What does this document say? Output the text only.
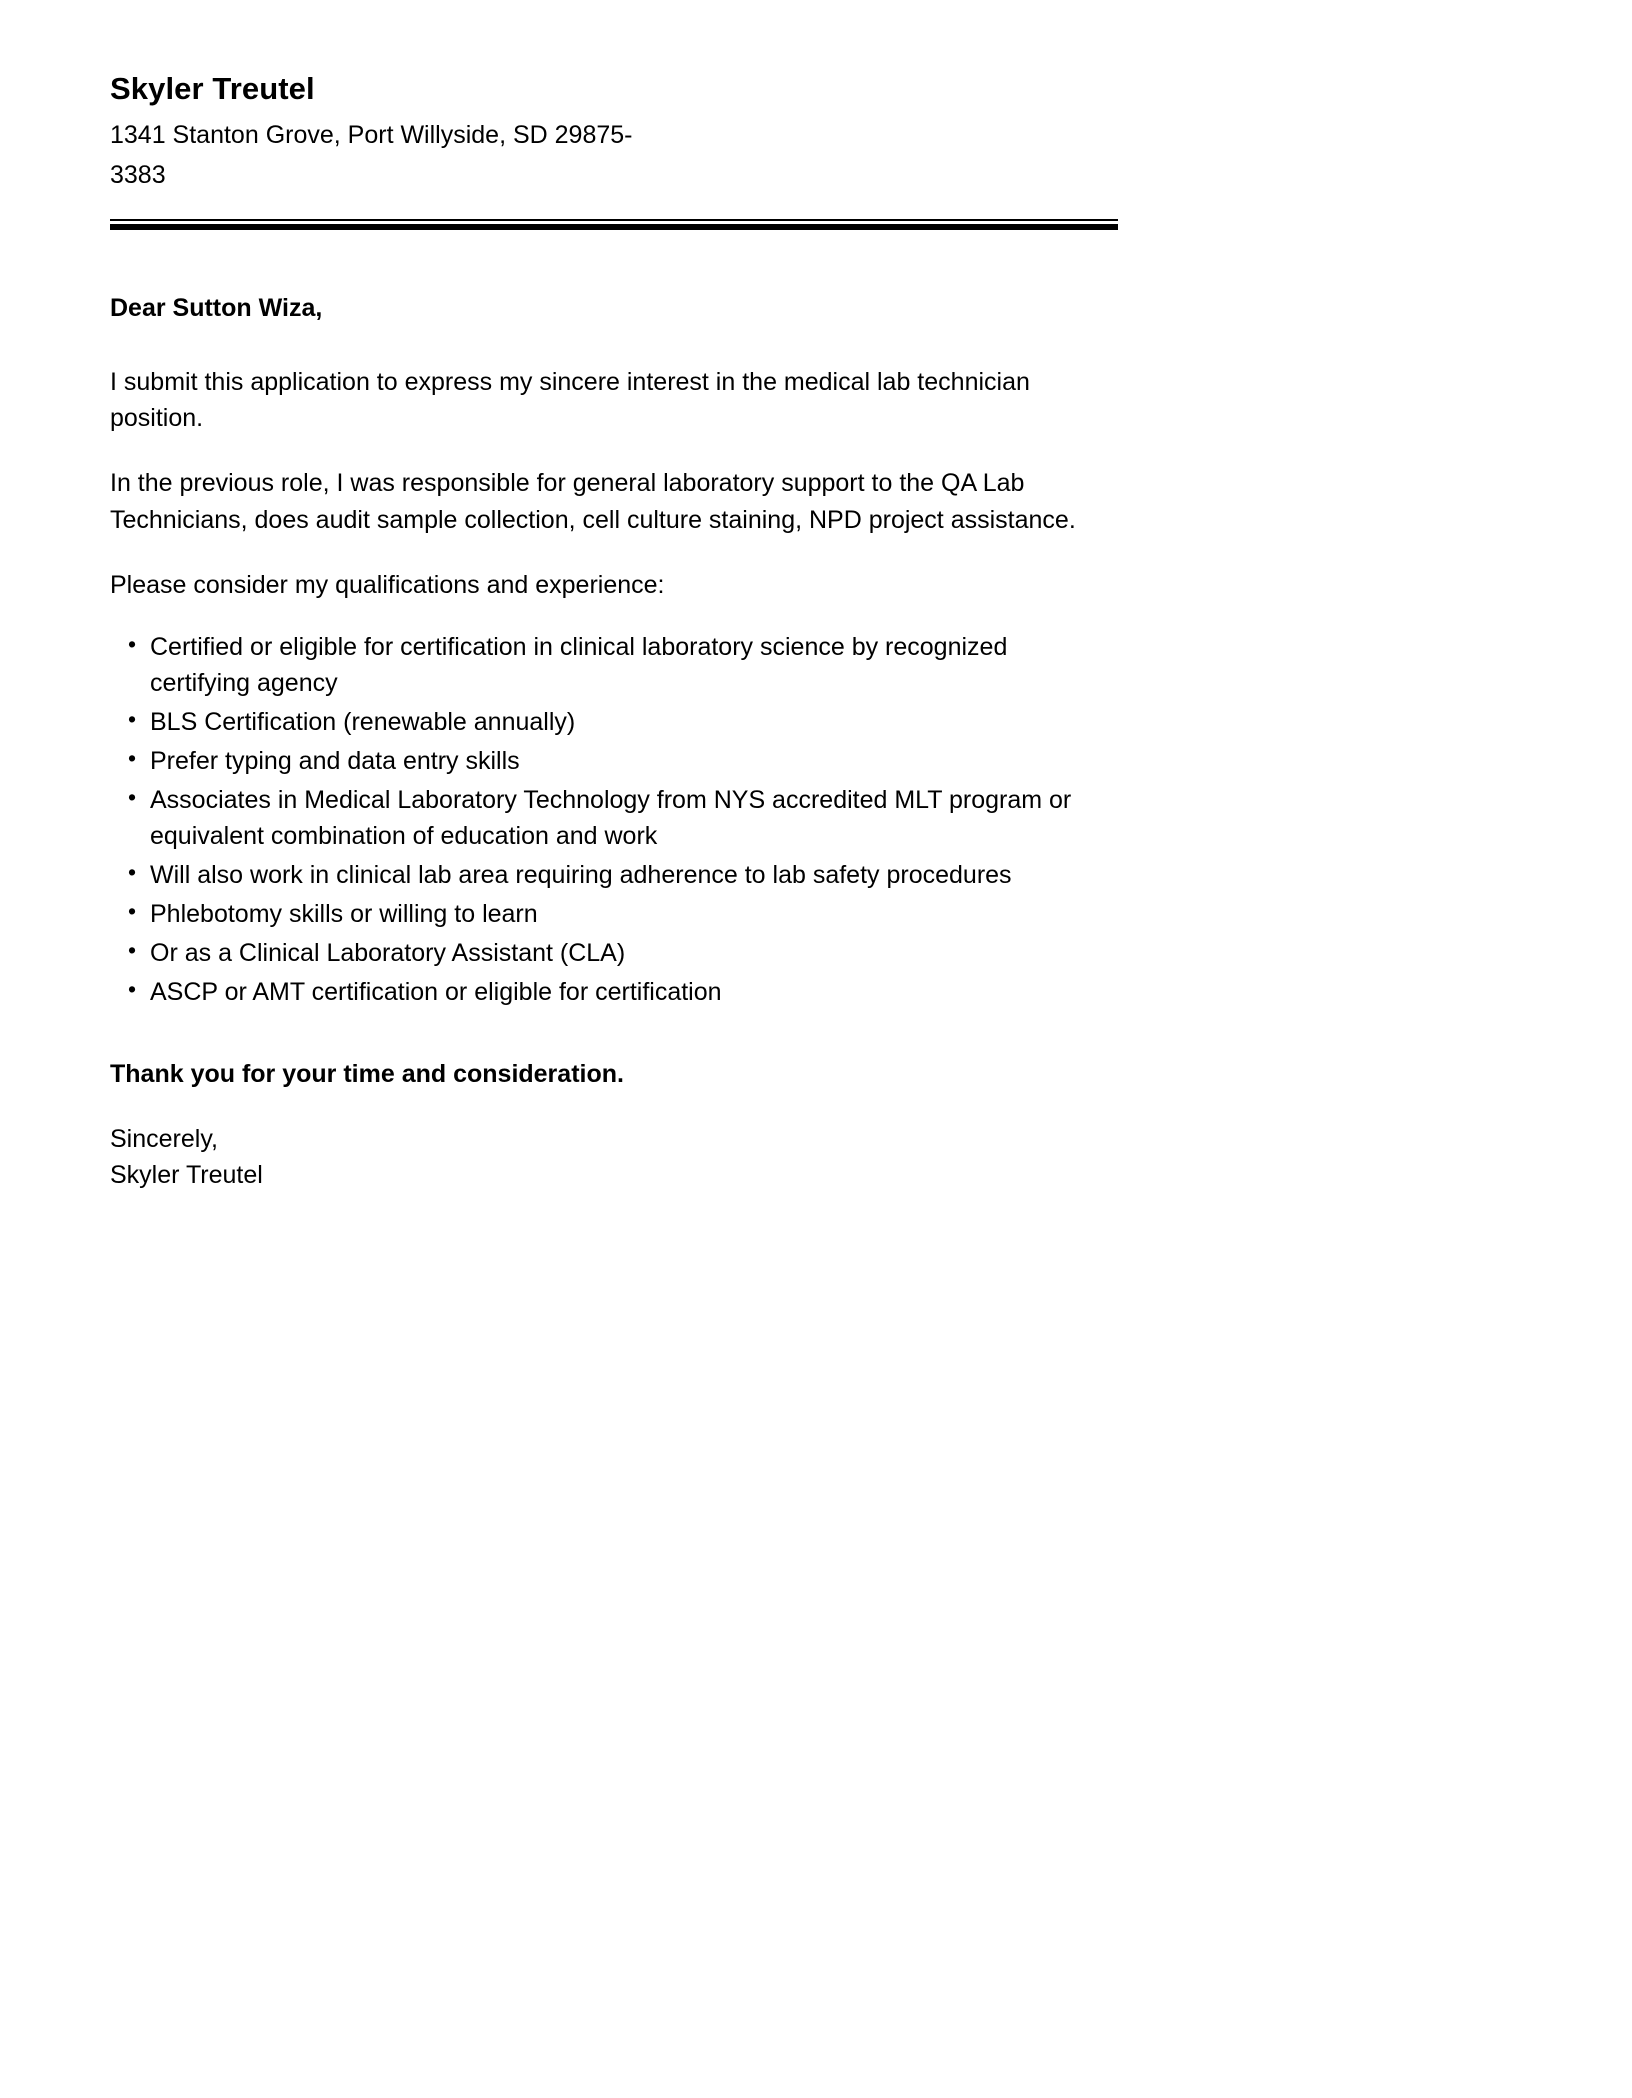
Skyler Treutel

1341 Stanton Grove, Port Willyside, SD 29875-3383

Dear Sutton Wiza,

I submit this application to express my sincere interest in the medical lab technician position.

In the previous role, I was responsible for general laboratory support to the QA Lab Technicians, does audit sample collection, cell culture staining, NPD project assistance.

Please consider my qualifications and experience:

• Certified or eligible for certification in clinical laboratory science by recognized certifying agency
• BLS Certification (renewable annually)
• Prefer typing and data entry skills
• Associates in Medical Laboratory Technology from NYS accredited MLT program or equivalent combination of education and work
• Will also work in clinical lab area requiring adherence to lab safety procedures
• Phlebotomy skills or willing to learn
• Or as a Clinical Laboratory Assistant (CLA)
• ASCP or AMT certification or eligible for certification

Thank you for your time and consideration.

Sincerely,
Skyler Treutel
